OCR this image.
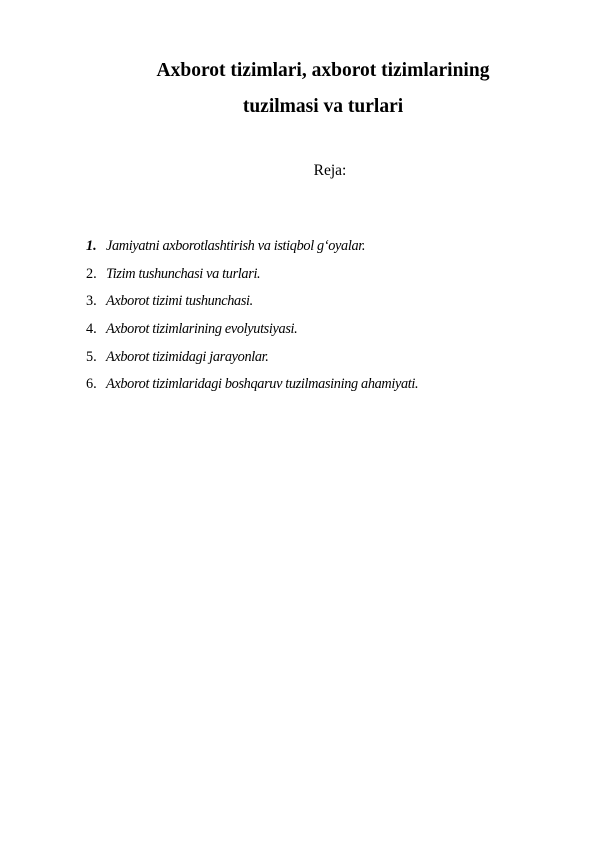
Axborot tizimlari, axborot tizimlarining
tuzilmasi va turlari
Reja:
1. Jamiyatni axborotlashtirish va istiqbol g‘oyalar.
2. Tizim tushunchasi va turlari.
3. Axborot tizimi tushunchasi.
4. Axborot tizimlarining evolyutsiyasi.
5. Axborot tizimidagi jarayonlar.
6. Axborot tizimlaridagi boshqaruv tuzilmasining ahamiyati.
